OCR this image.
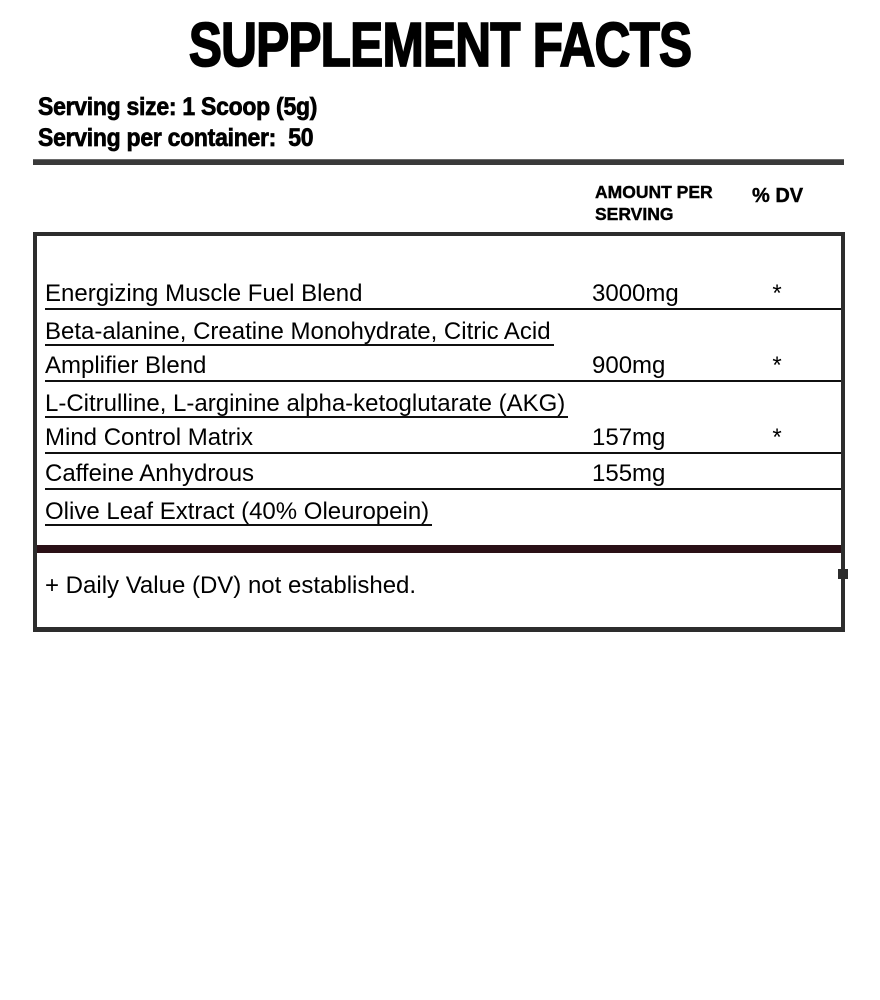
SUPPLEMENT FACTS
Serving size: 1 Scoop (5g)
Serving per container:  50
AMOUNT PER SERVING
% DV
Energizing Muscle Fuel Blend	3000mg	*
Beta-alanine, Creatine Monohydrate, Citric Acid
Amplifier Blend	900mg	*
L-Citrulline, L-arginine alpha-ketoglutarate (AKG)
Mind Control Matrix	157mg	*
Caffeine Anhydrous	155mg
Olive Leaf Extract (40% Oleuropein)
+ Daily Value (DV) not established.
